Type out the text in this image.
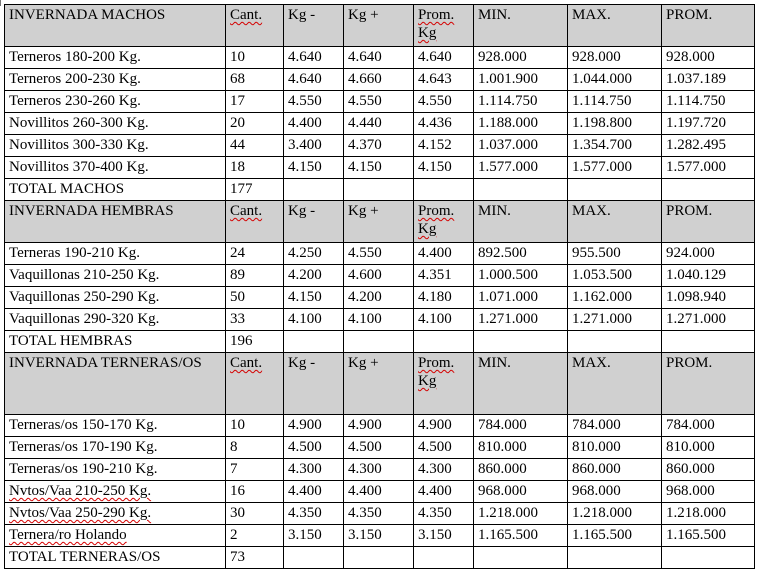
INVERNADA MACHOS	Cant.	Kg -	Kg +	Prom. Kg	MIN.	MAX.	PROM.
Terneros 180-200 Kg.	10	4.640	4.640	4.640	928.000	928.000	928.000
Terneros 200-230 Kg.	68	4.640	4.660	4.643	1.001.900	1.044.000	1.037.189
Terneros 230-260 Kg.	17	4.550	4.550	4.550	1.114.750	1.114.750	1.114.750
Novillitos 260-300 Kg.	20	4.400	4.440	4.436	1.188.000	1.198.800	1.197.720
Novillitos 300-330 Kg.	44	3.400	4.370	4.152	1.037.000	1.354.700	1.282.495
Novillitos 370-400 Kg.	18	4.150	4.150	4.150	1.577.000	1.577.000	1.577.000
TOTAL MACHOS	177						
INVERNADA HEMBRAS	Cant.	Kg -	Kg +	Prom. Kg	MIN.	MAX.	PROM.
Terneras 190-210 Kg.	24	4.250	4.550	4.400	892.500	955.500	924.000
Vaquillonas 210-250 Kg.	89	4.200	4.600	4.351	1.000.500	1.053.500	1.040.129
Vaquillonas 250-290 Kg.	50	4.150	4.200	4.180	1.071.000	1.162.000	1.098.940
Vaquillonas 290-320 Kg.	33	4.100	4.100	4.100	1.271.000	1.271.000	1.271.000
TOTAL HEMBRAS	196						
INVERNADA TERNERAS/OS	Cant.	Kg -	Kg +	Prom. Kg	MIN.	MAX.	PROM.
Terneras/os 150-170 Kg.	10	4.900	4.900	4.900	784.000	784.000	784.000
Terneras/os 170-190 Kg.	8	4.500	4.500	4.500	810.000	810.000	810.000
Terneras/os 190-210 Kg.	7	4.300	4.300	4.300	860.000	860.000	860.000
Nvtos/Vaa 210-250 Kg.	16	4.400	4.400	4.400	968.000	968.000	968.000
Nvtos/Vaa 250-290 Kg.	30	4.350	4.350	4.350	1.218.000	1.218.000	1.218.000
Ternera/ro Holando	2	3.150	3.150	3.150	1.165.500	1.165.500	1.165.500
TOTAL TERNERAS/OS	73						
